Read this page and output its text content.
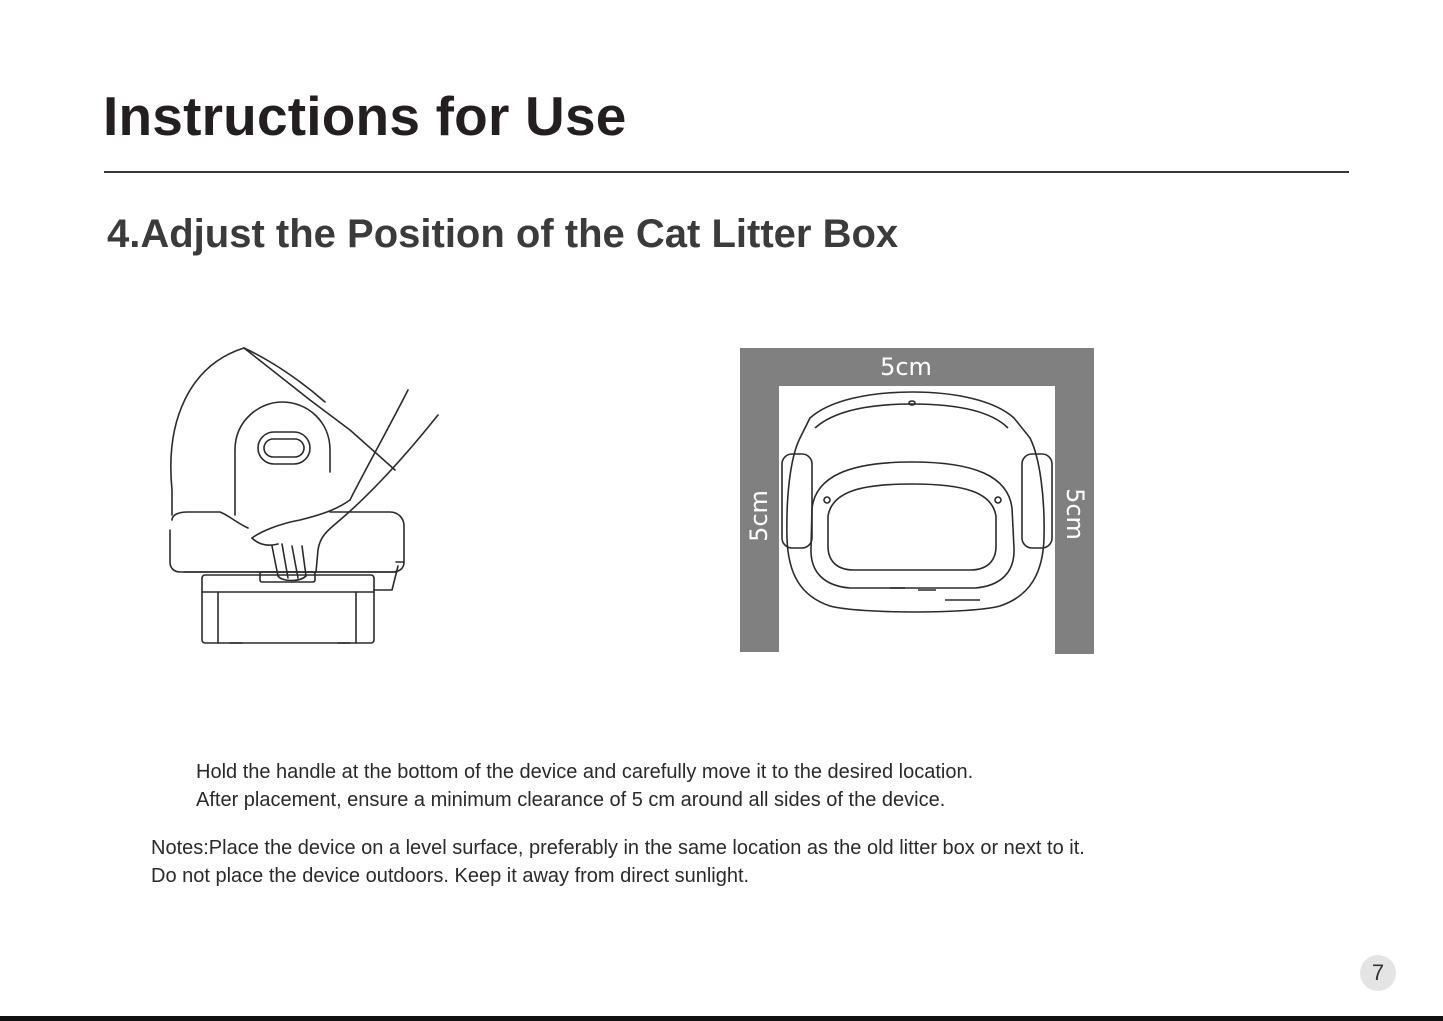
Instructions for Use
4.Adjust the Position of the Cat Litter Box
5cm
5cm	5cm

Hold the handle at the bottom of the device and carefully move it to the desired location.

After placement, ensure a minimum clearance of 5 cm around all sides of the device.

Notes:Place the device on a level surface, preferably in the same location as the old litter box or next to it.

Do not place the device outdoors. Keep it away from direct sunlight.

7
